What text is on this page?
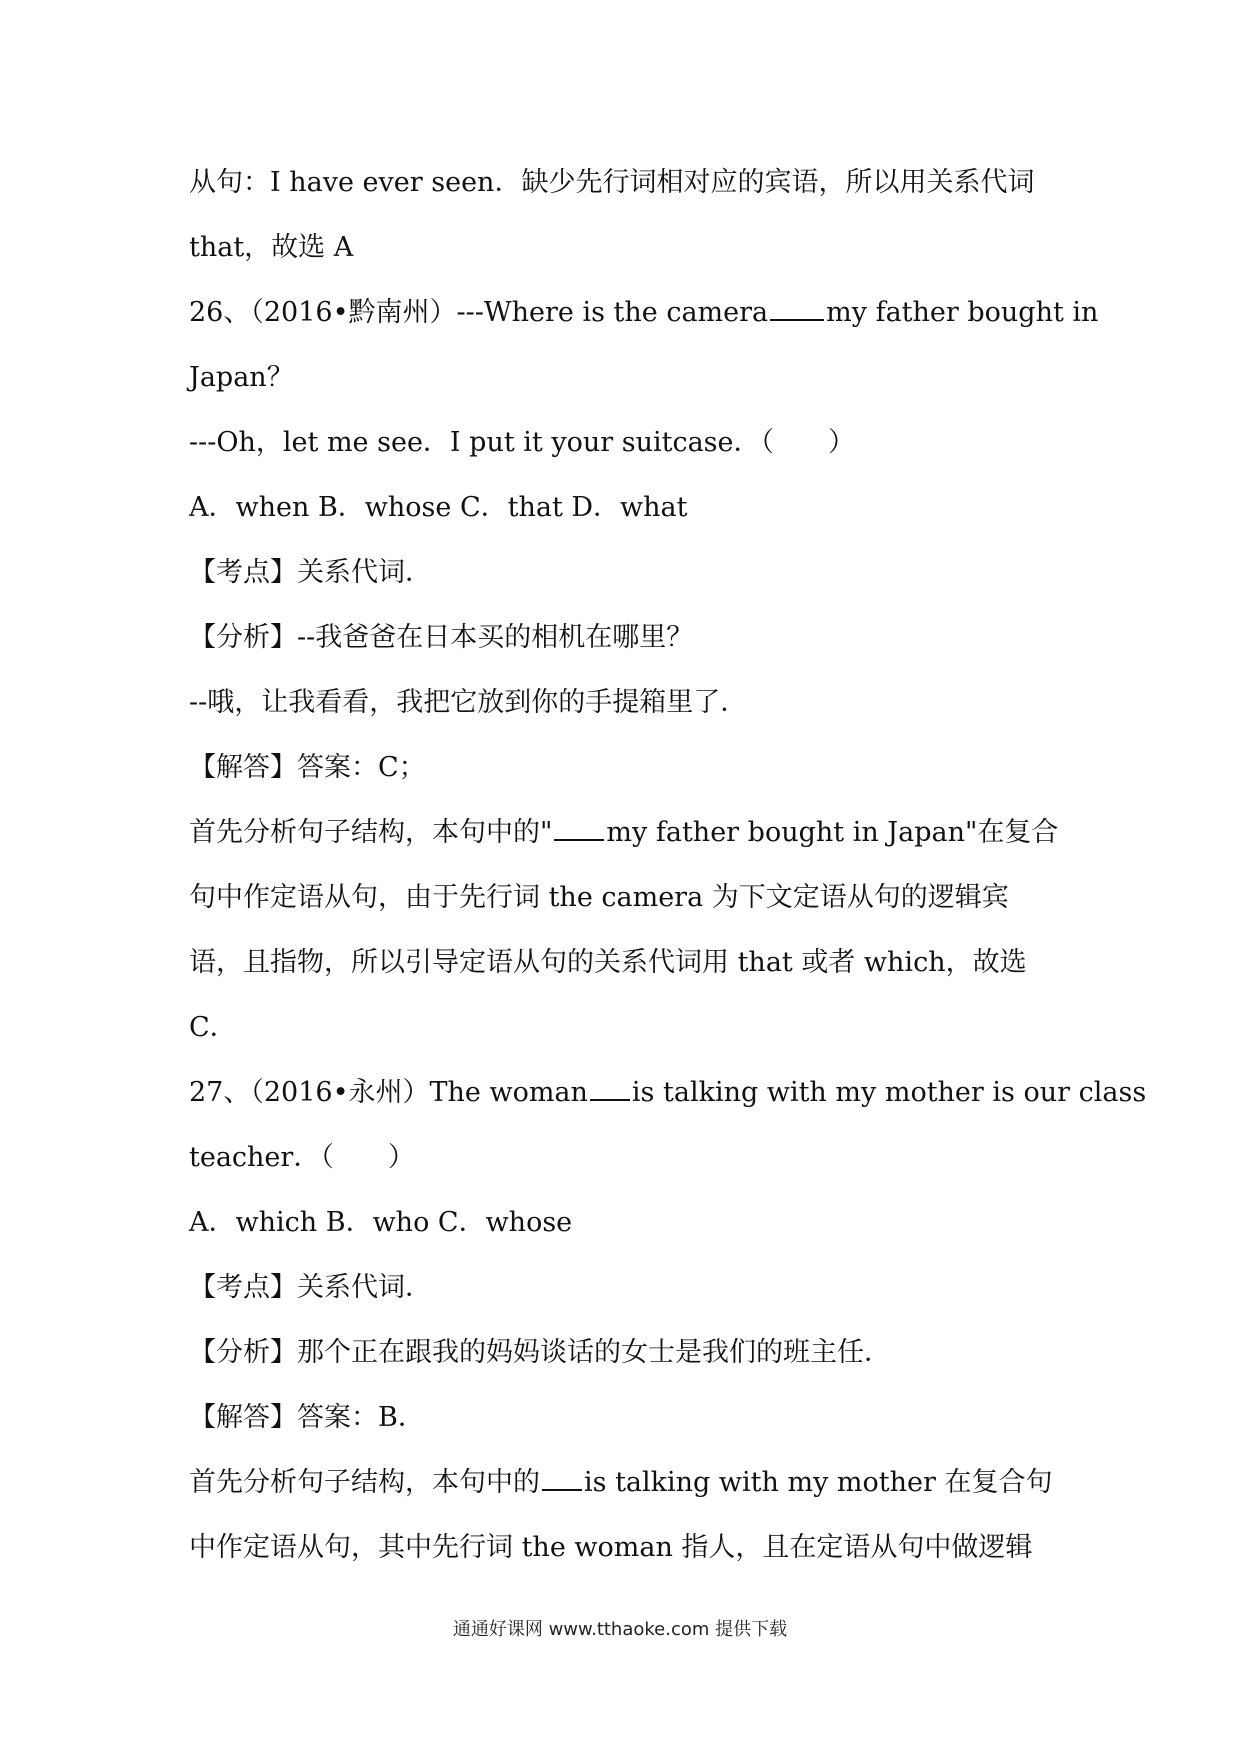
从句：I have ever seen．缺少先行词相对应的宾语，所以用关系代词
that，故选 A
26、（2016•黔南州）---Where is the camera	my father bought in
Japan？
---Oh，let me see．I put it your suitcase．（　　）
A．when B．whose C．that D．what
【考点】关系代词．
【分析】--我爸爸在日本买的相机在哪里？
--哦，让我看看，我把它放到你的手提箱里了．
【解答】答案：C；
首先分析句子结构，本句中的" my father bought in Japan"在复合
句中作定语从句，由于先行词 the camera 为下文定语从句的逻辑宾
语，且指物，所以引导定语从句的关系代词用 that 或者 which，故选
C．
27、（2016•永州）The woman	is talking with my mother is our class
teacher．（　　）
A．which B．who C．whose
【考点】关系代词．
【分析】那个正在跟我的妈妈谈话的女士是我们的班主任．
【解答】答案：B．
首先分析句子结构，本句中的 is talking with my mother 在复合句
中作定语从句，其中先行词 the woman 指人，且在定语从句中做逻辑
通通好课网 www.tthaoke.com 提供下载
